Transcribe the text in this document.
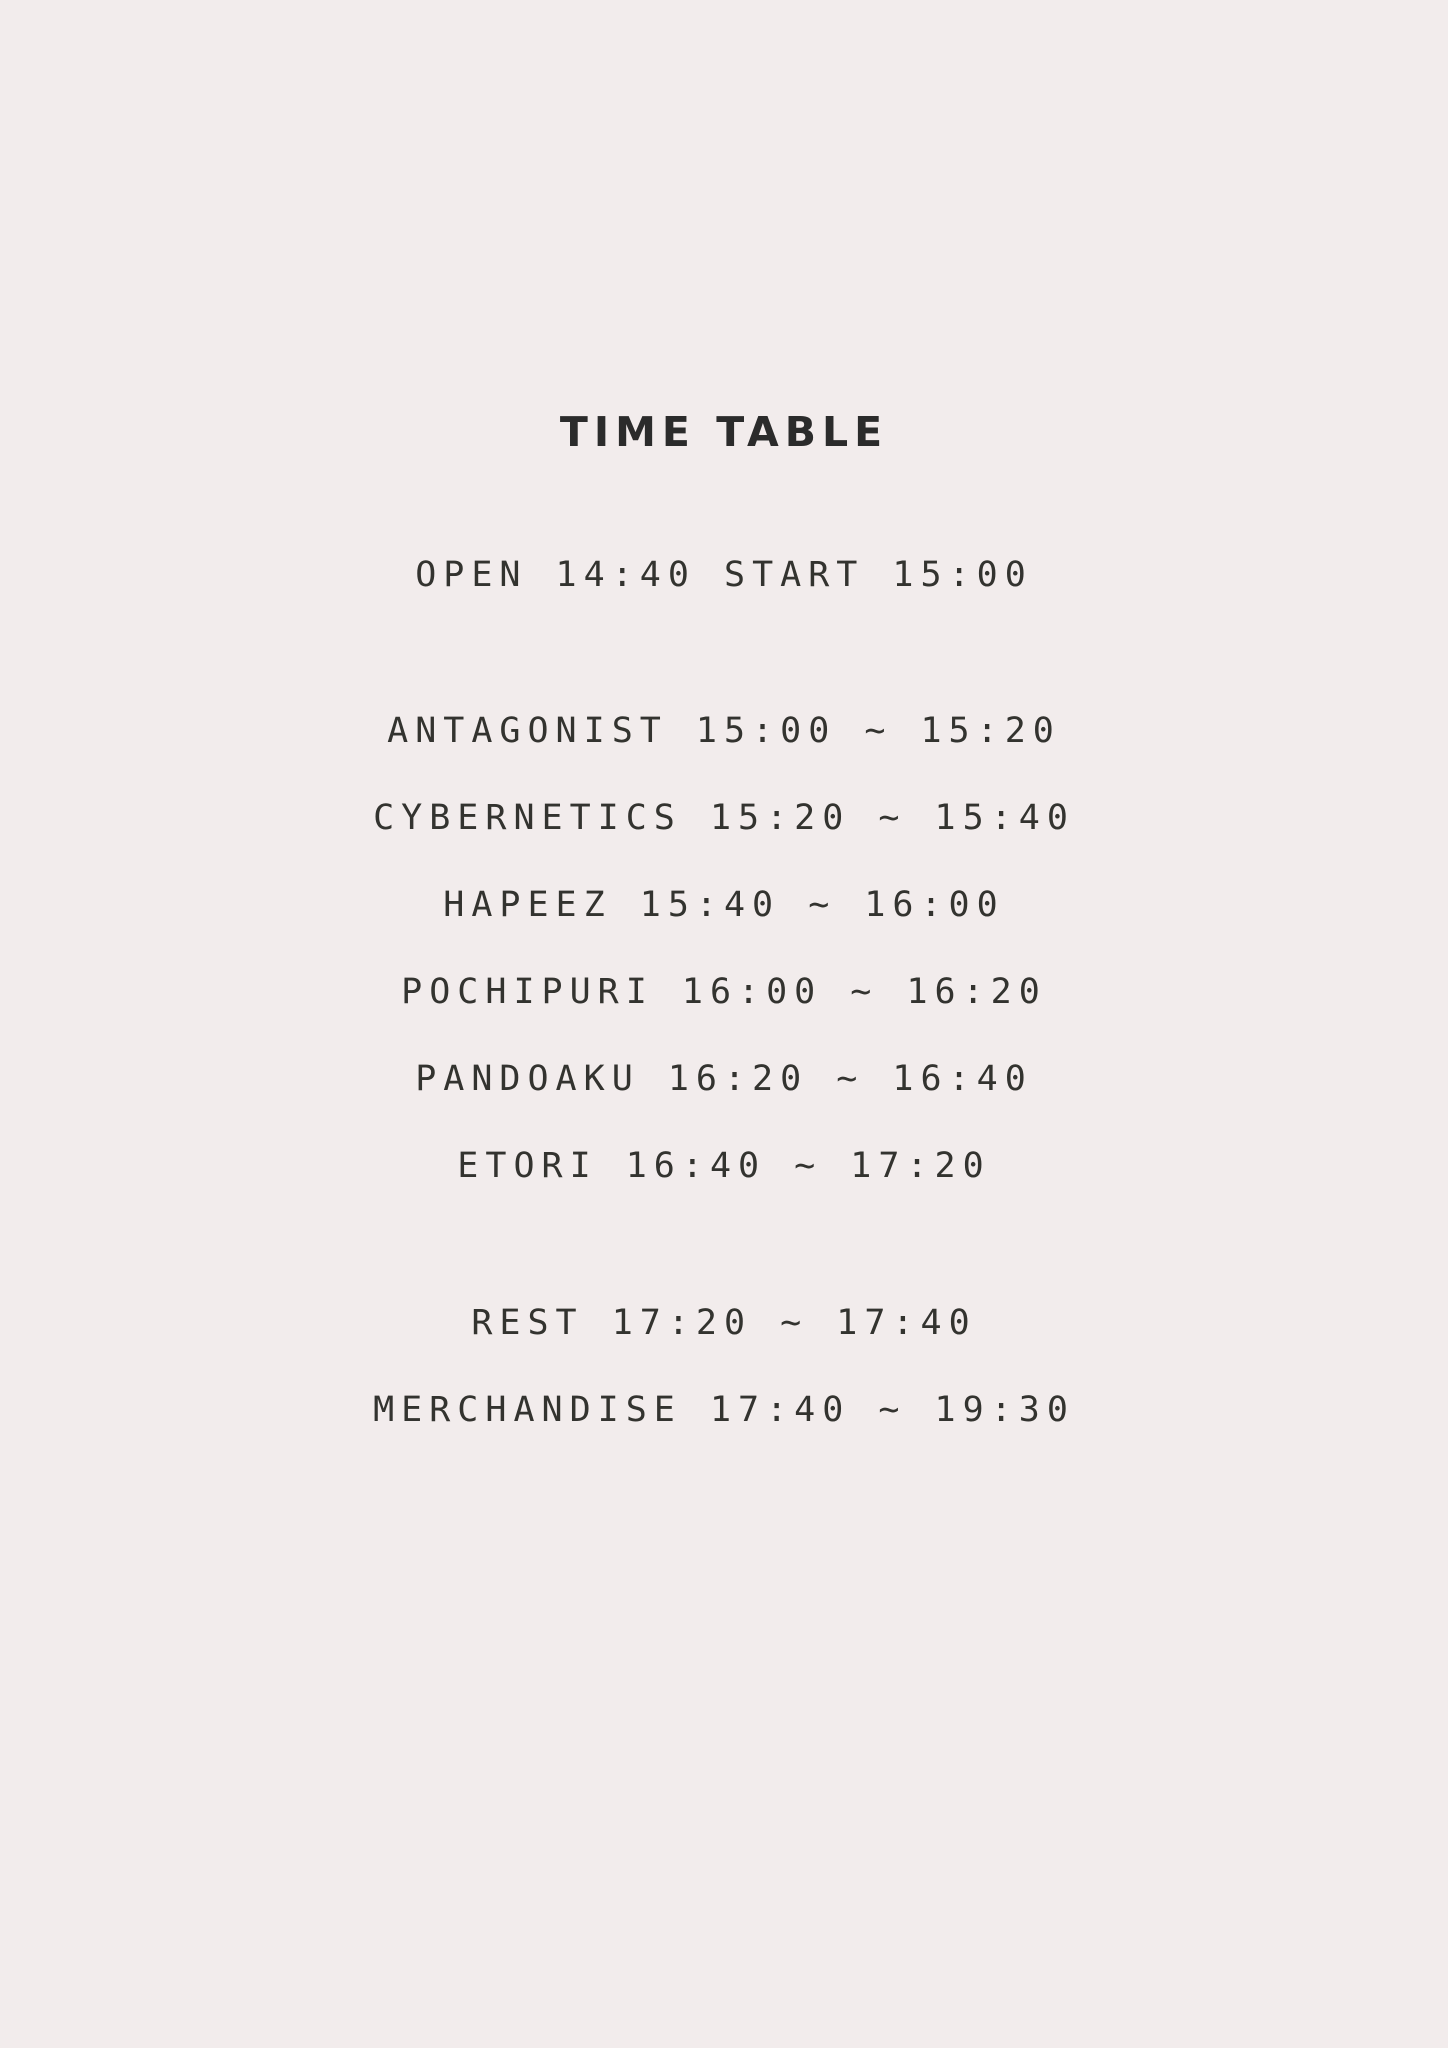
TIME TABLE
OPEN 14:40 START 15:00
ANTAGONIST 15:00 ~ 15:20
CYBERNETICS 15:20 ~ 15:40
HAPEEZ 15:40 ~ 16:00
POCHIPURI 16:00 ~ 16:20
PANDOAKU 16:20 ~ 16:40
ETORI 16:40 ~ 17:20
REST 17:20 ~ 17:40
MERCHANDISE 17:40 ~ 19:30
